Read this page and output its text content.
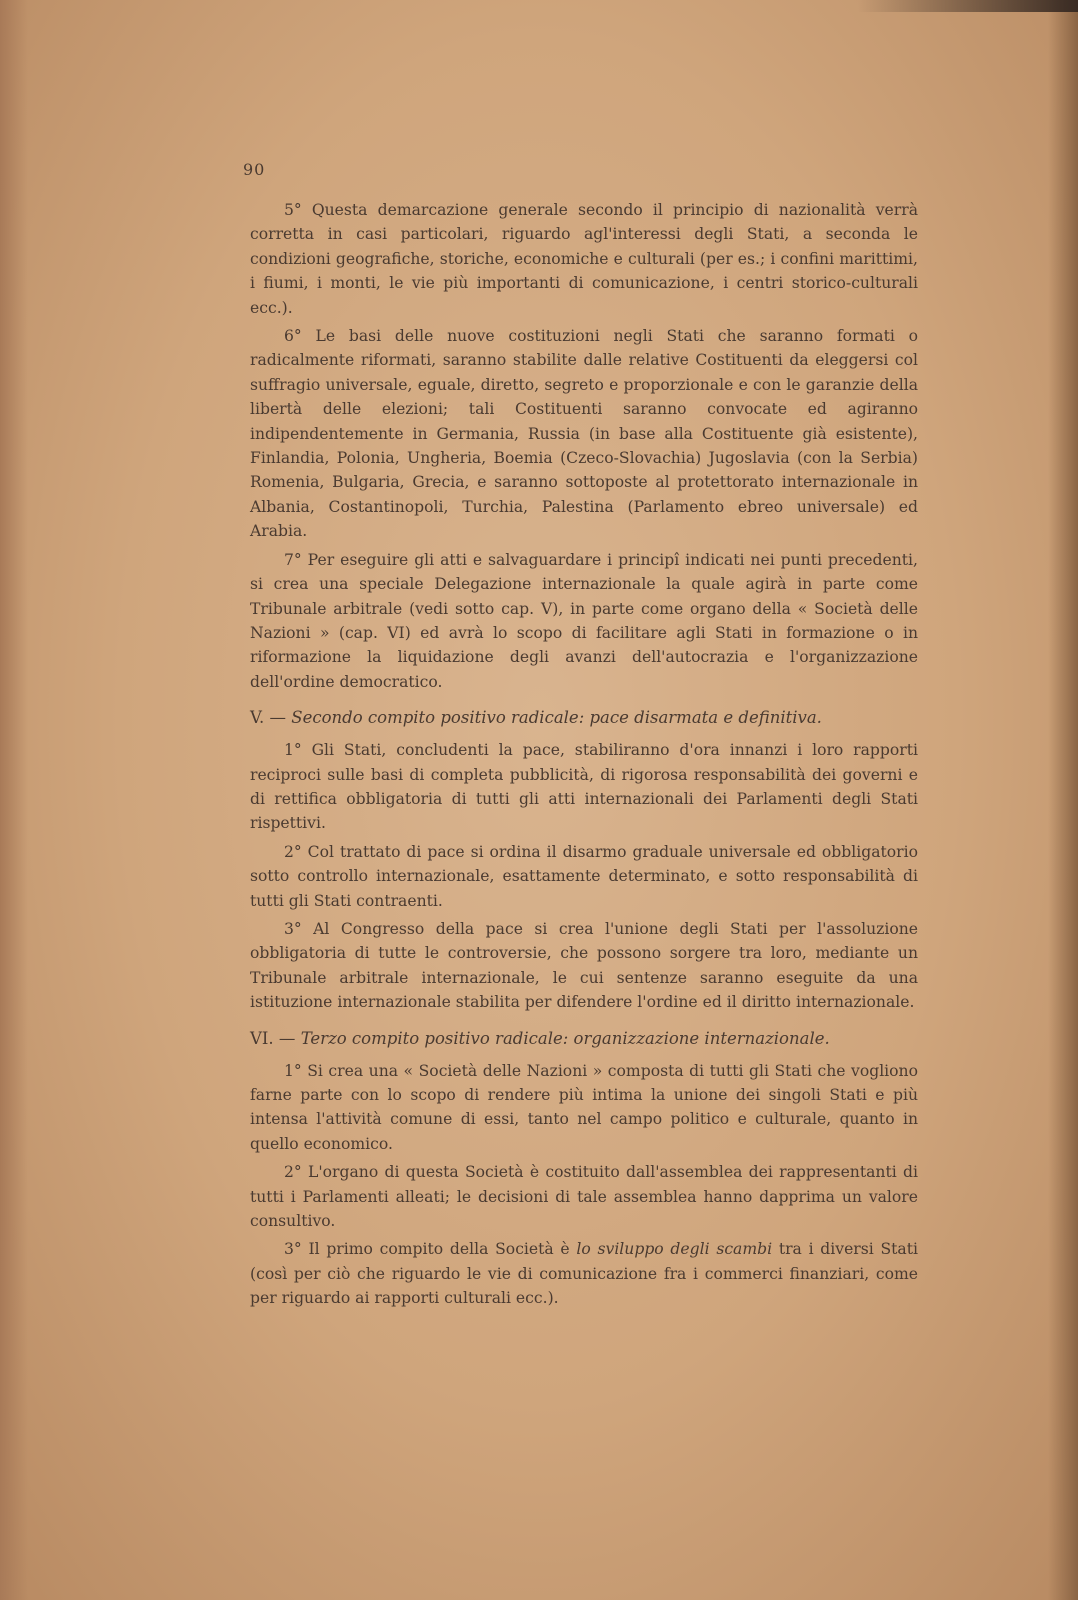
90

5° Questa demarcazione generale secondo il principio di nazionalità verrà corretta in casi particolari, riguardo agl'interessi degli Stati, a seconda le condizioni geografiche, storiche, economiche e culturali (per es.; i confini marittimi, i fiumi, i monti, le vie più importanti di comunicazione, i centri storico-culturali ecc.).

6° Le basi delle nuove costituzioni negli Stati che saranno formati o radicalmente riformati, saranno stabilite dalle relative Costituenti da eleggersi col suffragio universale, eguale, diretto, segreto e proporzionale e con le garanzie della libertà delle elezioni; tali Costituenti saranno convocate ed agiranno indipendentemente in Germania, Russia (in base alla Costituente già esistente), Finlandia, Polonia, Ungheria, Boemia (Czeco-Slovachia) Jugoslavia (con la Serbia) Romenia, Bulgaria, Grecia, e saranno sottoposte al protettorato internazionale in Albania, Costantinopoli, Turchia, Palestina (Parlamento ebreo universale) ed Arabia.

7° Per eseguire gli atti e salvaguardare i principî indicati nei punti precedenti, si crea una speciale Delegazione internazionale la quale agirà in parte come Tribunale arbitrale (vedi sotto cap. V), in parte come organo della « Società delle Nazioni » (cap. VI) ed avrà lo scopo di facilitare agli Stati in formazione o in riformazione la liquidazione degli avanzi dell'autocrazia e l'organizzazione dell'ordine democratico.

V. — Secondo compito positivo radicale: pace disarmata e definitiva.

1° Gli Stati, concludenti la pace, stabiliranno d'ora innanzi i loro rapporti reciproci sulle basi di completa pubblicità, di rigorosa responsabilità dei governi e di rettifica obbligatoria di tutti gli atti internazionali dei Parlamenti degli Stati rispettivi.

2° Col trattato di pace si ordina il disarmo graduale universale ed obbligatorio sotto controllo internazionale, esattamente determinato, e sotto responsabilità di tutti gli Stati contraenti.

3° Al Congresso della pace si crea l'unione degli Stati per l'assoluzione obbligatoria di tutte le controversie, che possono sorgere tra loro, mediante un Tribunale arbitrale internazionale, le cui sentenze saranno eseguite da una istituzione internazionale stabilita per difendere l'ordine ed il diritto internazionale.

VI. — Terzo compito positivo radicale: organizzazione internazionale.

1° Si crea una « Società delle Nazioni » composta di tutti gli Stati che vogliono farne parte con lo scopo di rendere più intima la unione dei singoli Stati e più intensa l'attività comune di essi, tanto nel campo politico e culturale, quanto in quello economico.

2° L'organo di questa Società è costituito dall'assemblea dei rappresentanti di tutti i Parlamenti alleati; le decisioni di tale assemblea hanno dapprima un valore consultivo.

3° Il primo compito della Società è lo sviluppo degli scambi tra i diversi Stati (così per ciò che riguardo le vie di comunicazione fra i commerci finanziari, come per riguardo ai rapporti culturali ecc.).
